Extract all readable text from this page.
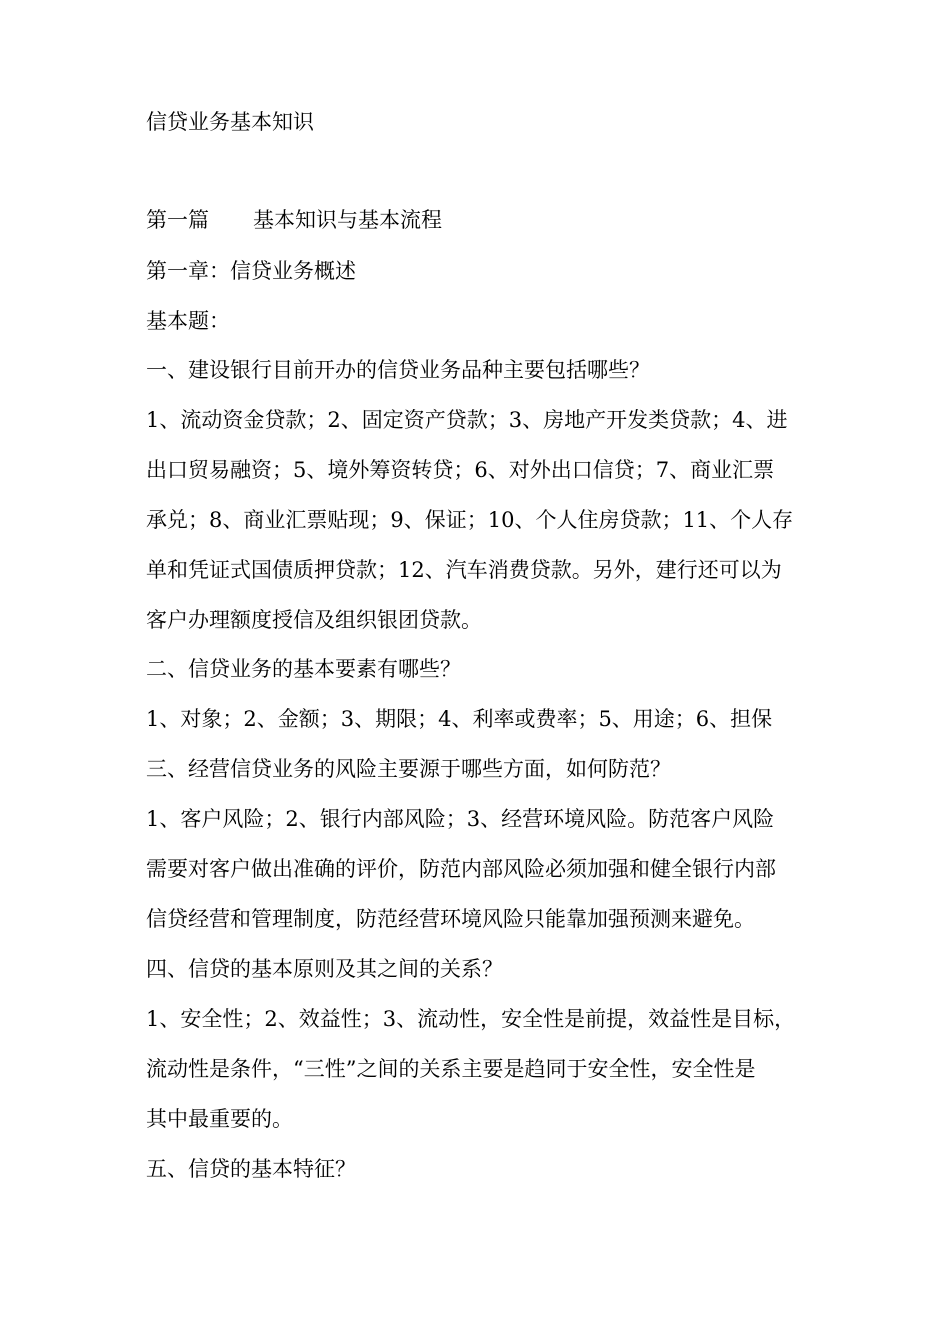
信贷业务基本知识

第一篇 基本知识与基本流程

第一章：信贷业务概述

基本题：

一、建设银行目前开办的信贷业务品种主要包括哪些？

1、流动资金贷款；2、固定资产贷款；3、房地产开发类贷款；4、进

出口贸易融资；5、境外筹资转贷；6、对外出口信贷；7、商业汇票

承兑；8、商业汇票贴现；9、保证；10、个人住房贷款；11、个人存

单和凭证式国债质押贷款；12、汽车消费贷款。另外，建行还可以为

客户办理额度授信及组织银团贷款。

二、信贷业务的基本要素有哪些？

1、对象；2、金额；3、期限；4、利率或费率；5、用途；6、担保

三、经营信贷业务的风险主要源于哪些方面，如何防范？

1、客户风险；2、银行内部风险；3、经营环境风险。防范客户风险

需要对客户做出准确的评价，防范内部风险必须加强和健全银行内部

信贷经营和管理制度，防范经营环境风险只能靠加强预测来避免。

四、信贷的基本原则及其之间的关系？

1、安全性；2、效益性；3、流动性，安全性是前提，效益性是目标，

流动性是条件，“三性”之间的关系主要是趋同于安全性，安全性是

其中最重要的。

五、信贷的基本特征？
